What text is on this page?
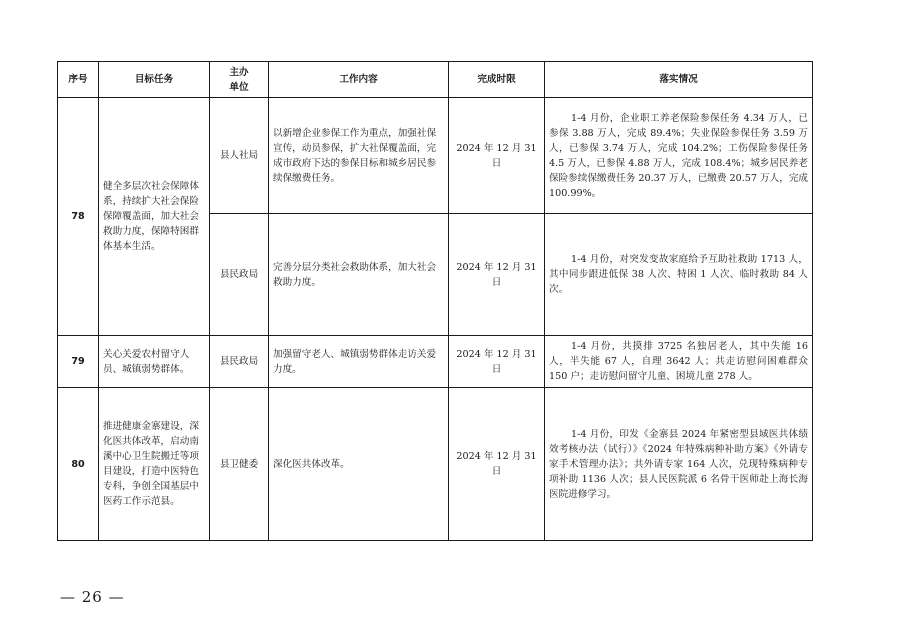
序号	目标任务	主办单位	工作内容	完成时限	落实情况
78	健全多层次社会保障体系，持续扩大社会保险保障覆盖面，加大社会救助力度，保障特困群体基本生活。	县人社局	以新增企业参保工作为重点，加强社保宣传，动员参保，扩大社保覆盖面，完成市政府下达的参保目标和城乡居民参续保缴费任务。	2024 年 12 月 31 日	1-4 月份，企业职工养老保险参保任务 4.34 万人，已参保 3.88 万人，完成 89.4%；失业保险参保任务 3.59 万人，已参保 3.74 万人，完成 104.2%；工伤保险参保任务 4.5 万人，已参保 4.88 万人，完成 108.4%；城乡居民养老保险参续保缴费任务 20.37 万人，已缴费 20.57 万人，完成 100.99%。
		县民政局	完善分层分类社会救助体系，加大社会救助力度。	2024 年 12 月 31 日	1-4 月份，对突发变故家庭给予互助社救助 1713 人，其中同步跟进低保 38 人次、特困 1 人次、临时救助 84 人次。
79	关心关爱农村留守人员、城镇弱势群体。	县民政局	加强留守老人、城镇弱势群体走访关爱力度。	2024 年 12 月 31 日	1-4 月份，共摸排 3725 名独居老人，其中失能 16 人，半失能 67 人，自理 3642 人；共走访慰问困难群众 150 户；走访慰问留守儿童、困境儿童 278 人。
80	推进健康金寨建设，深化医共体改革，启动南溪中心卫生院搬迁等项目建设，打造中医特色专科，争创全国基层中医药工作示范县。	县卫健委	深化医共体改革。	2024 年 12 月 31 日	1-4 月份，印发《金寨县 2024 年紧密型县域医共体绩效考核办法（试行）》《2024 年特殊病种补助方案》《外请专家手术管理办法》；共外请专家 164 人次，兑现特殊病种专项补助 1136 人次；县人民医院派 6 名骨干医师赴上海长海医院进修学习。
— 26 —
